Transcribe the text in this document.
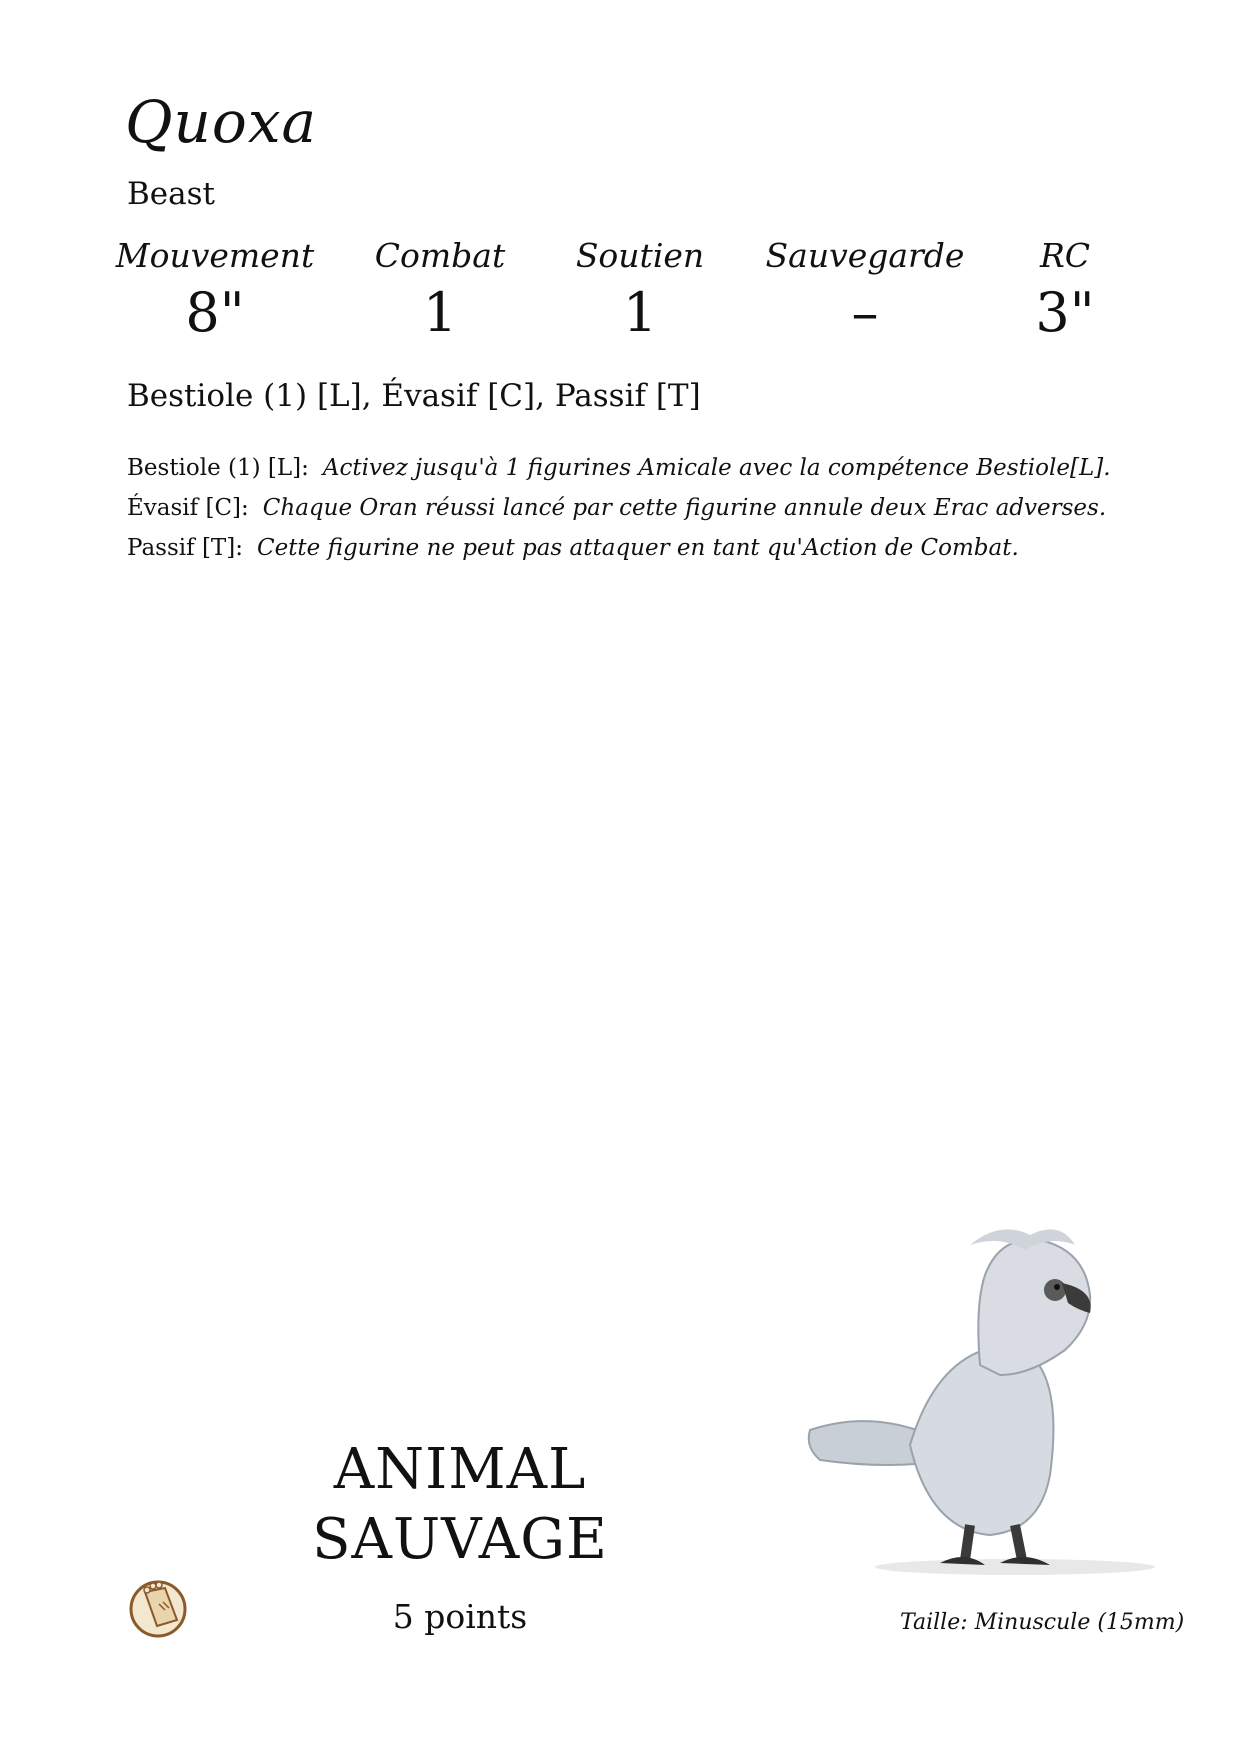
Quoxa
Beast
Mouvement
8"
Combat
1
Soutien
1
Sauvegarde
–
RC
3"
Bestiole (1) [L], Évasif [C], Passif [T]

Bestiole (1) [L]: Activez jusqu'à 1 figurines Amicale avec la compétence Bestiole[L].

Évasif [C]: Chaque Oran réussi lancé par cette figurine annule deux Erac adverses.

Passif [T]: Cette figurine ne peut pas attaquer en tant qu'Action de Combat.

ANIMAL
SAUVAGE
5 points	Taille: Minuscule (15mm)
